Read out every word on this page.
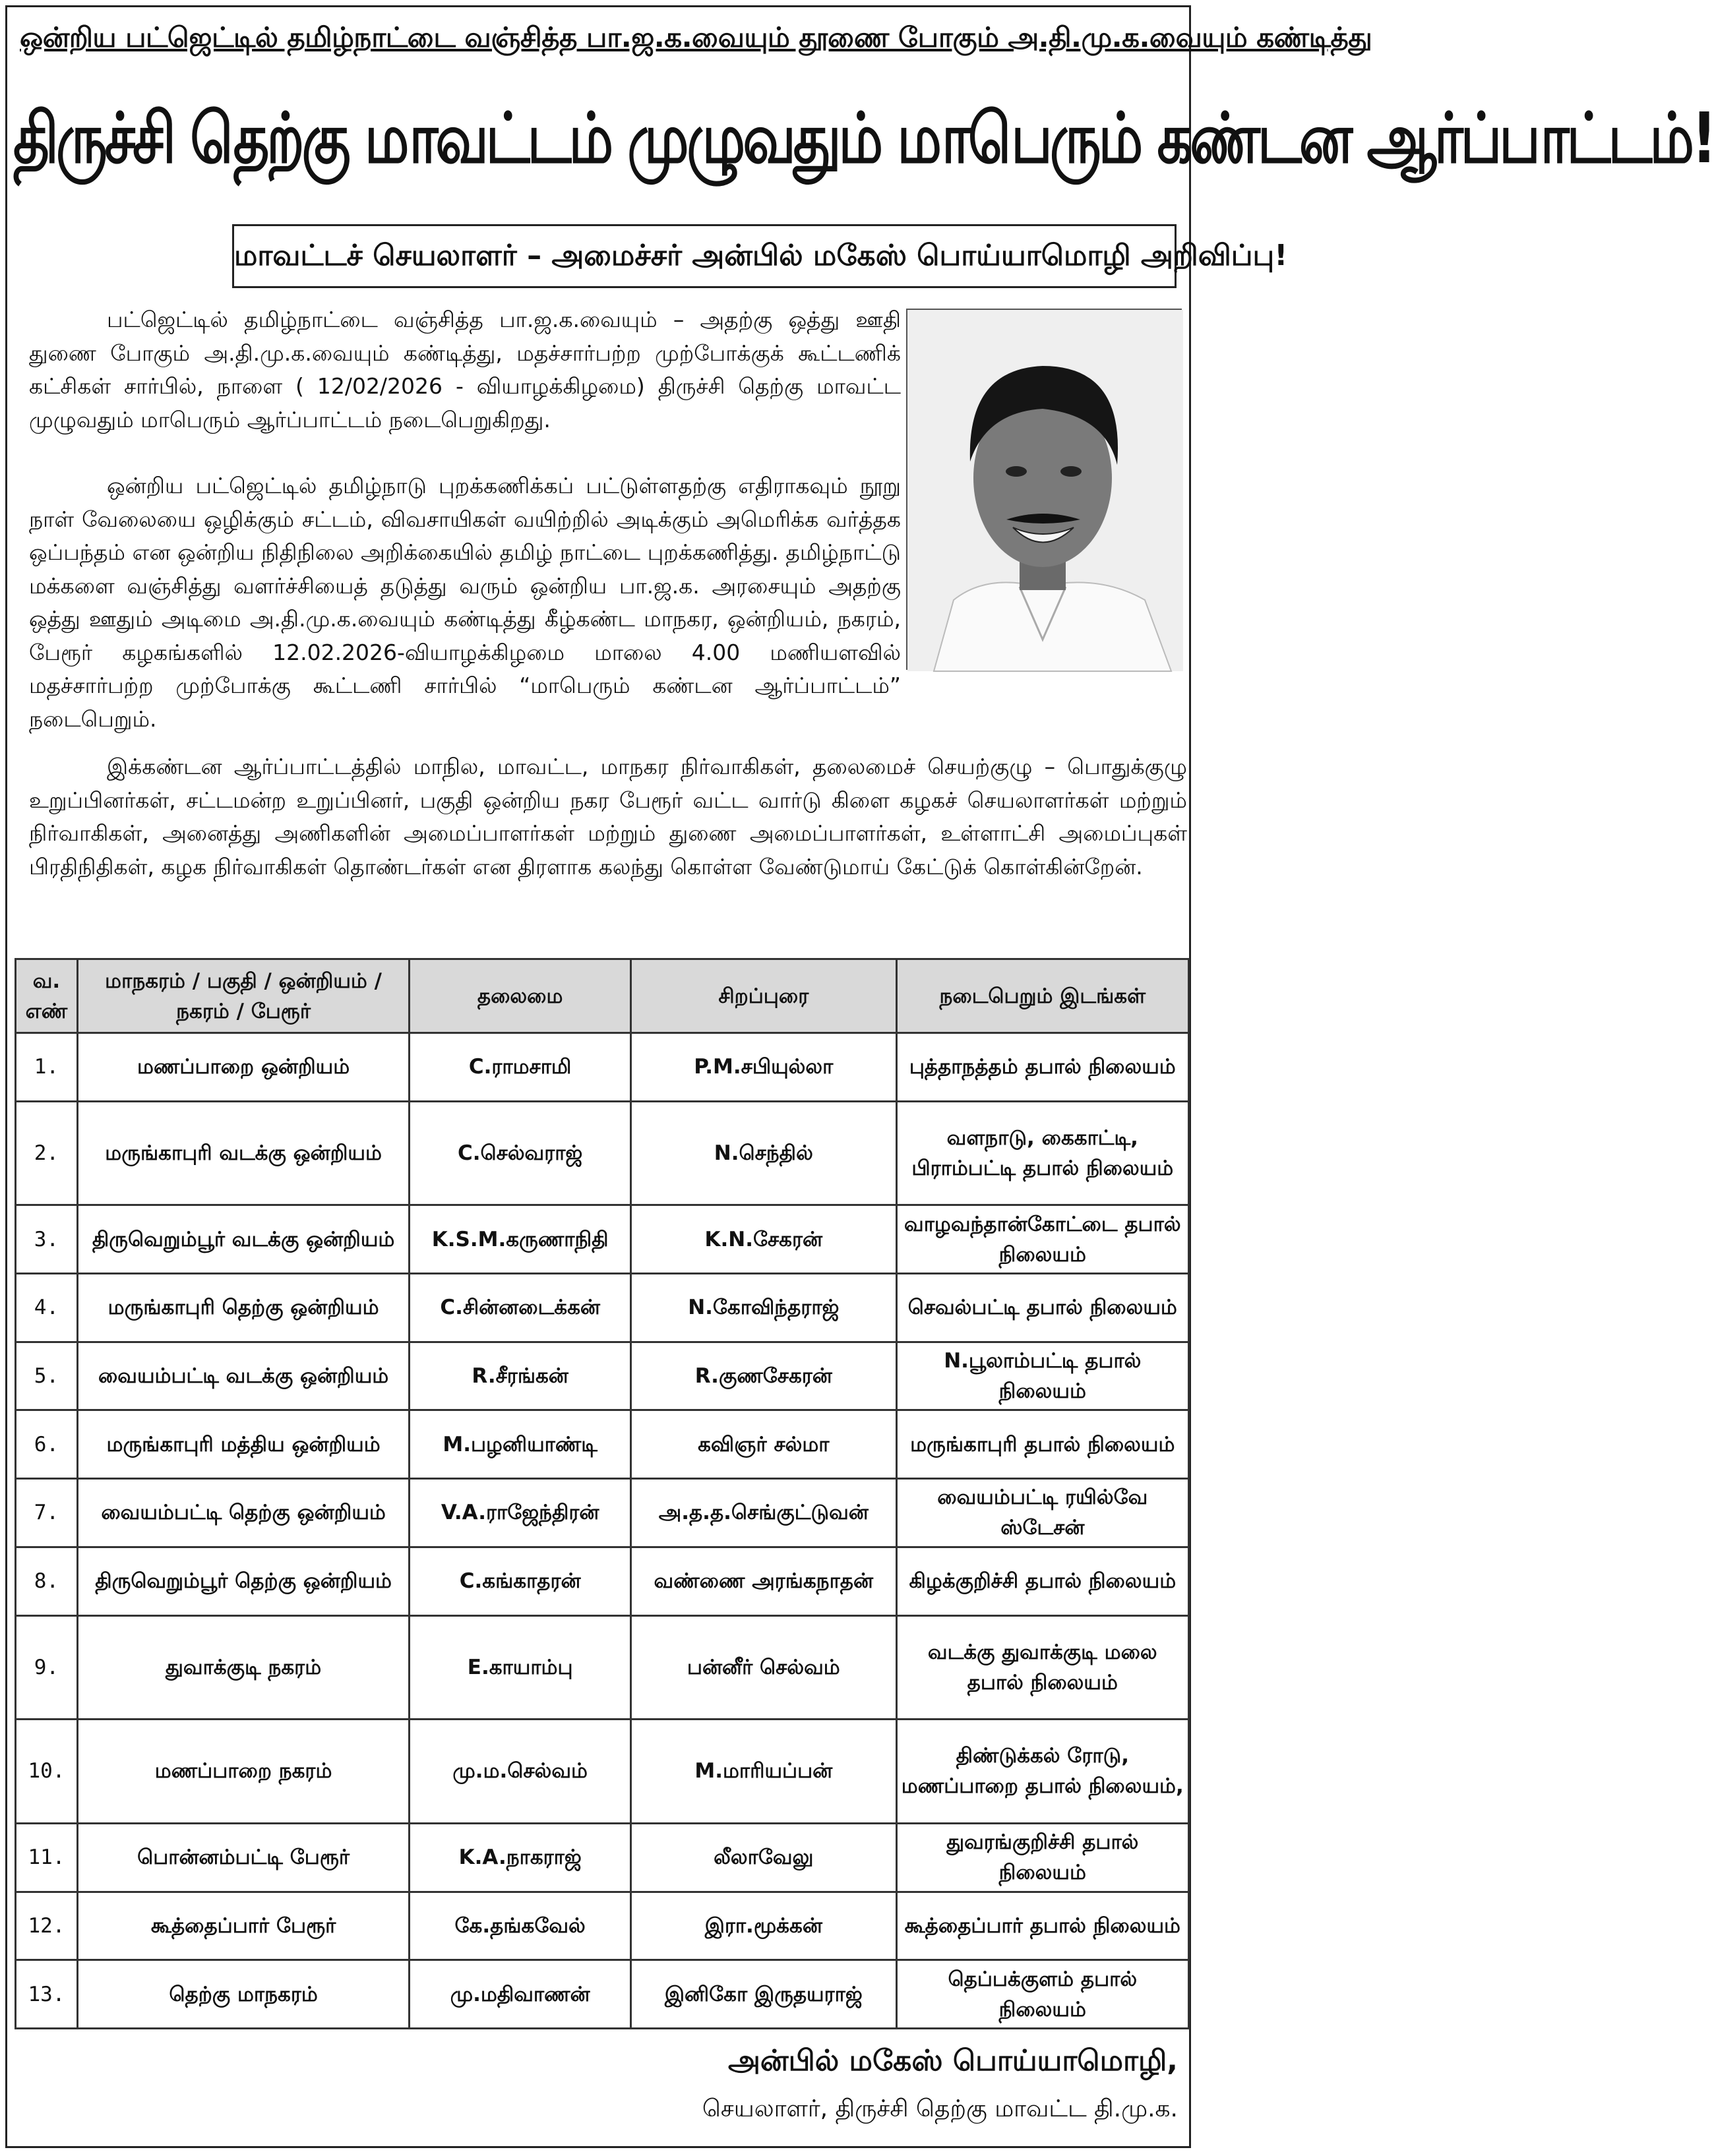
ஒன்றிய பட்ஜெட்டில் தமிழ்நாட்டை வஞ்சித்த பா.ஜ.க.வையும் தூணை போகும் அ.தி.மு.க.வையும் கண்டித்து
திருச்சி தெற்கு மாவட்டம் முழுவதும் மாபெரும் கண்டன ஆர்ப்பாட்டம்!
மாவட்டச் செயலாளர் – அமைச்சர் அன்பில் மகேஸ் பொய்யாமொழி அறிவிப்பு!

பட்ஜெட்டில் தமிழ்நாட்டை வஞ்சித்த பா.ஜ.க.வையும் – அதற்கு ஒத்து ஊதி துணை போகும் அ.தி.மு.க.வையும் கண்டித்து, மதச்சார்பற்ற முற்போக்குக் கூட்டணிக் கட்சிகள் சார்பில், நாளை ( 12/02/2026 - வியாழக்கிழமை) திருச்சி தெற்கு மாவட்ட முழுவதும் மாபெரும் ஆர்ப்பாட்டம் நடைபெறுகிறது.

ஒன்றிய பட்ஜெட்டில் தமிழ்நாடு புறக்கணிக்கப் பட்டுள்ளதற்கு எதிராகவும் நூறு நாள் வேலையை ஒழிக்கும் சட்டம், விவசாயிகள் வயிற்றில் அடிக்கும் அமெரிக்க வர்த்தக ஒப்பந்தம் என ஒன்றிய நிதிநிலை அறிக்கையில் தமிழ் நாட்டை புறக்கணித்து. தமிழ்நாட்டு மக்களை வஞ்சித்து வளர்ச்சியைத் தடுத்து வரும் ஒன்றிய பா.ஜ.க. அரசையும் அதற்கு ஒத்து ஊதும் அடிமை அ.தி.மு.க.வையும் கண்டித்து கீழ்கண்ட மாநகர, ஒன்றியம், நகரம், பேரூர் கழகங்களில் 12.02.2026-வியாழக்கிழமை மாலை 4.00 மணியளவில் மதச்சார்பற்ற முற்போக்கு கூட்டணி சார்பில் “மாபெரும் கண்டன ஆர்ப்பாட்டம்” நடைபெறும்.

இக்கண்டன ஆர்ப்பாட்டத்தில் மாநில, மாவட்ட, மாநகர நிர்வாகிகள், தலைமைச் செயற்குழு – பொதுக்குழு உறுப்பினர்கள், சட்டமன்ற உறுப்பினர், பகுதி ஒன்றிய நகர பேரூர் வட்ட வார்டு கிளை கழகச் செயலாளர்கள் மற்றும் நிர்வாகிகள், அனைத்து அணிகளின் அமைப்பாளர்கள் மற்றும் துணை அமைப்பாளர்கள், உள்ளாட்சி அமைப்புகள் பிரதிநிதிகள், கழக நிர்வாகிகள் தொண்டர்கள் என திரளாக கலந்து கொள்ள வேண்டுமாய் கேட்டுக் கொள்கின்றேன்.

வ. எண்	மாநகரம் / பகுதி / ஒன்றியம் / நகரம் / பேரூர்	தலைமை	சிறப்புரை	நடைபெறும் இடங்கள்
1.	மணப்பாறை ஒன்றியம்	C.ராமசாமி	P.M.சபியுல்லா	புத்தாநத்தம் தபால் நிலையம்
2.	மருங்காபுரி வடக்கு ஒன்றியம்	C.செல்வராஜ்	N.செந்தில்	வளநாடு, கைகாட்டி, பிராம்பட்டி தபால் நிலையம்
3.	திருவெறும்பூர் வடக்கு ஒன்றியம்	K.S.M.கருணாநிதி	K.N.சேகரன்	வாழவந்தான்கோட்டை தபால் நிலையம்
4.	மருங்காபுரி தெற்கு ஒன்றியம்	C.சின்னடைக்கன்	N.கோவிந்தராஜ்	செவல்பட்டி தபால் நிலையம்
5.	வையம்பட்டி வடக்கு ஒன்றியம்	R.சீரங்கன்	R.குணசேகரன்	N.பூலாம்பட்டி தபால் நிலையம்
6.	மருங்காபுரி மத்திய ஒன்றியம்	M.பழனியாண்டி	கவிஞர் சல்மா	மருங்காபுரி தபால் நிலையம்
7.	வையம்பட்டி தெற்கு ஒன்றியம்	V.A.ராஜேந்திரன்	அ.த.த.செங்குட்டுவன்	வையம்பட்டி ரயில்வே ஸ்டேசன்
8.	திருவெறும்பூர் தெற்கு ஒன்றியம்	C.கங்காதரன்	வண்ணை அரங்கநாதன்	கிழக்குறிச்சி தபால் நிலையம்
9.	துவாக்குடி நகரம்	E.காயாம்பு	பன்னீர் செல்வம்	வடக்கு துவாக்குடி மலை தபால் நிலையம்
10.	மணப்பாறை நகரம்	மு.ம.செல்வம்	M.மாரியப்பன்	திண்டுக்கல் ரோடு, மணப்பாறை தபால் நிலையம்,
11.	பொன்னம்பட்டி பேரூர்	K.A.நாகராஜ்	லீலாவேலு	துவரங்குறிச்சி தபால் நிலையம்
12.	கூத்தைப்பார் பேரூர்	கே.தங்கவேல்	இரா.மூக்கன்	கூத்தைப்பார் தபால் நிலையம்
13.	தெற்கு மாநகரம்	மு.மதிவாணன்	இனிகோ இருதயராஜ்	தெப்பக்குளம் தபால் நிலையம்
அன்பில் மகேஸ் பொய்யாமொழி,
செயலாளர், திருச்சி தெற்கு மாவட்ட தி.மு.க.
